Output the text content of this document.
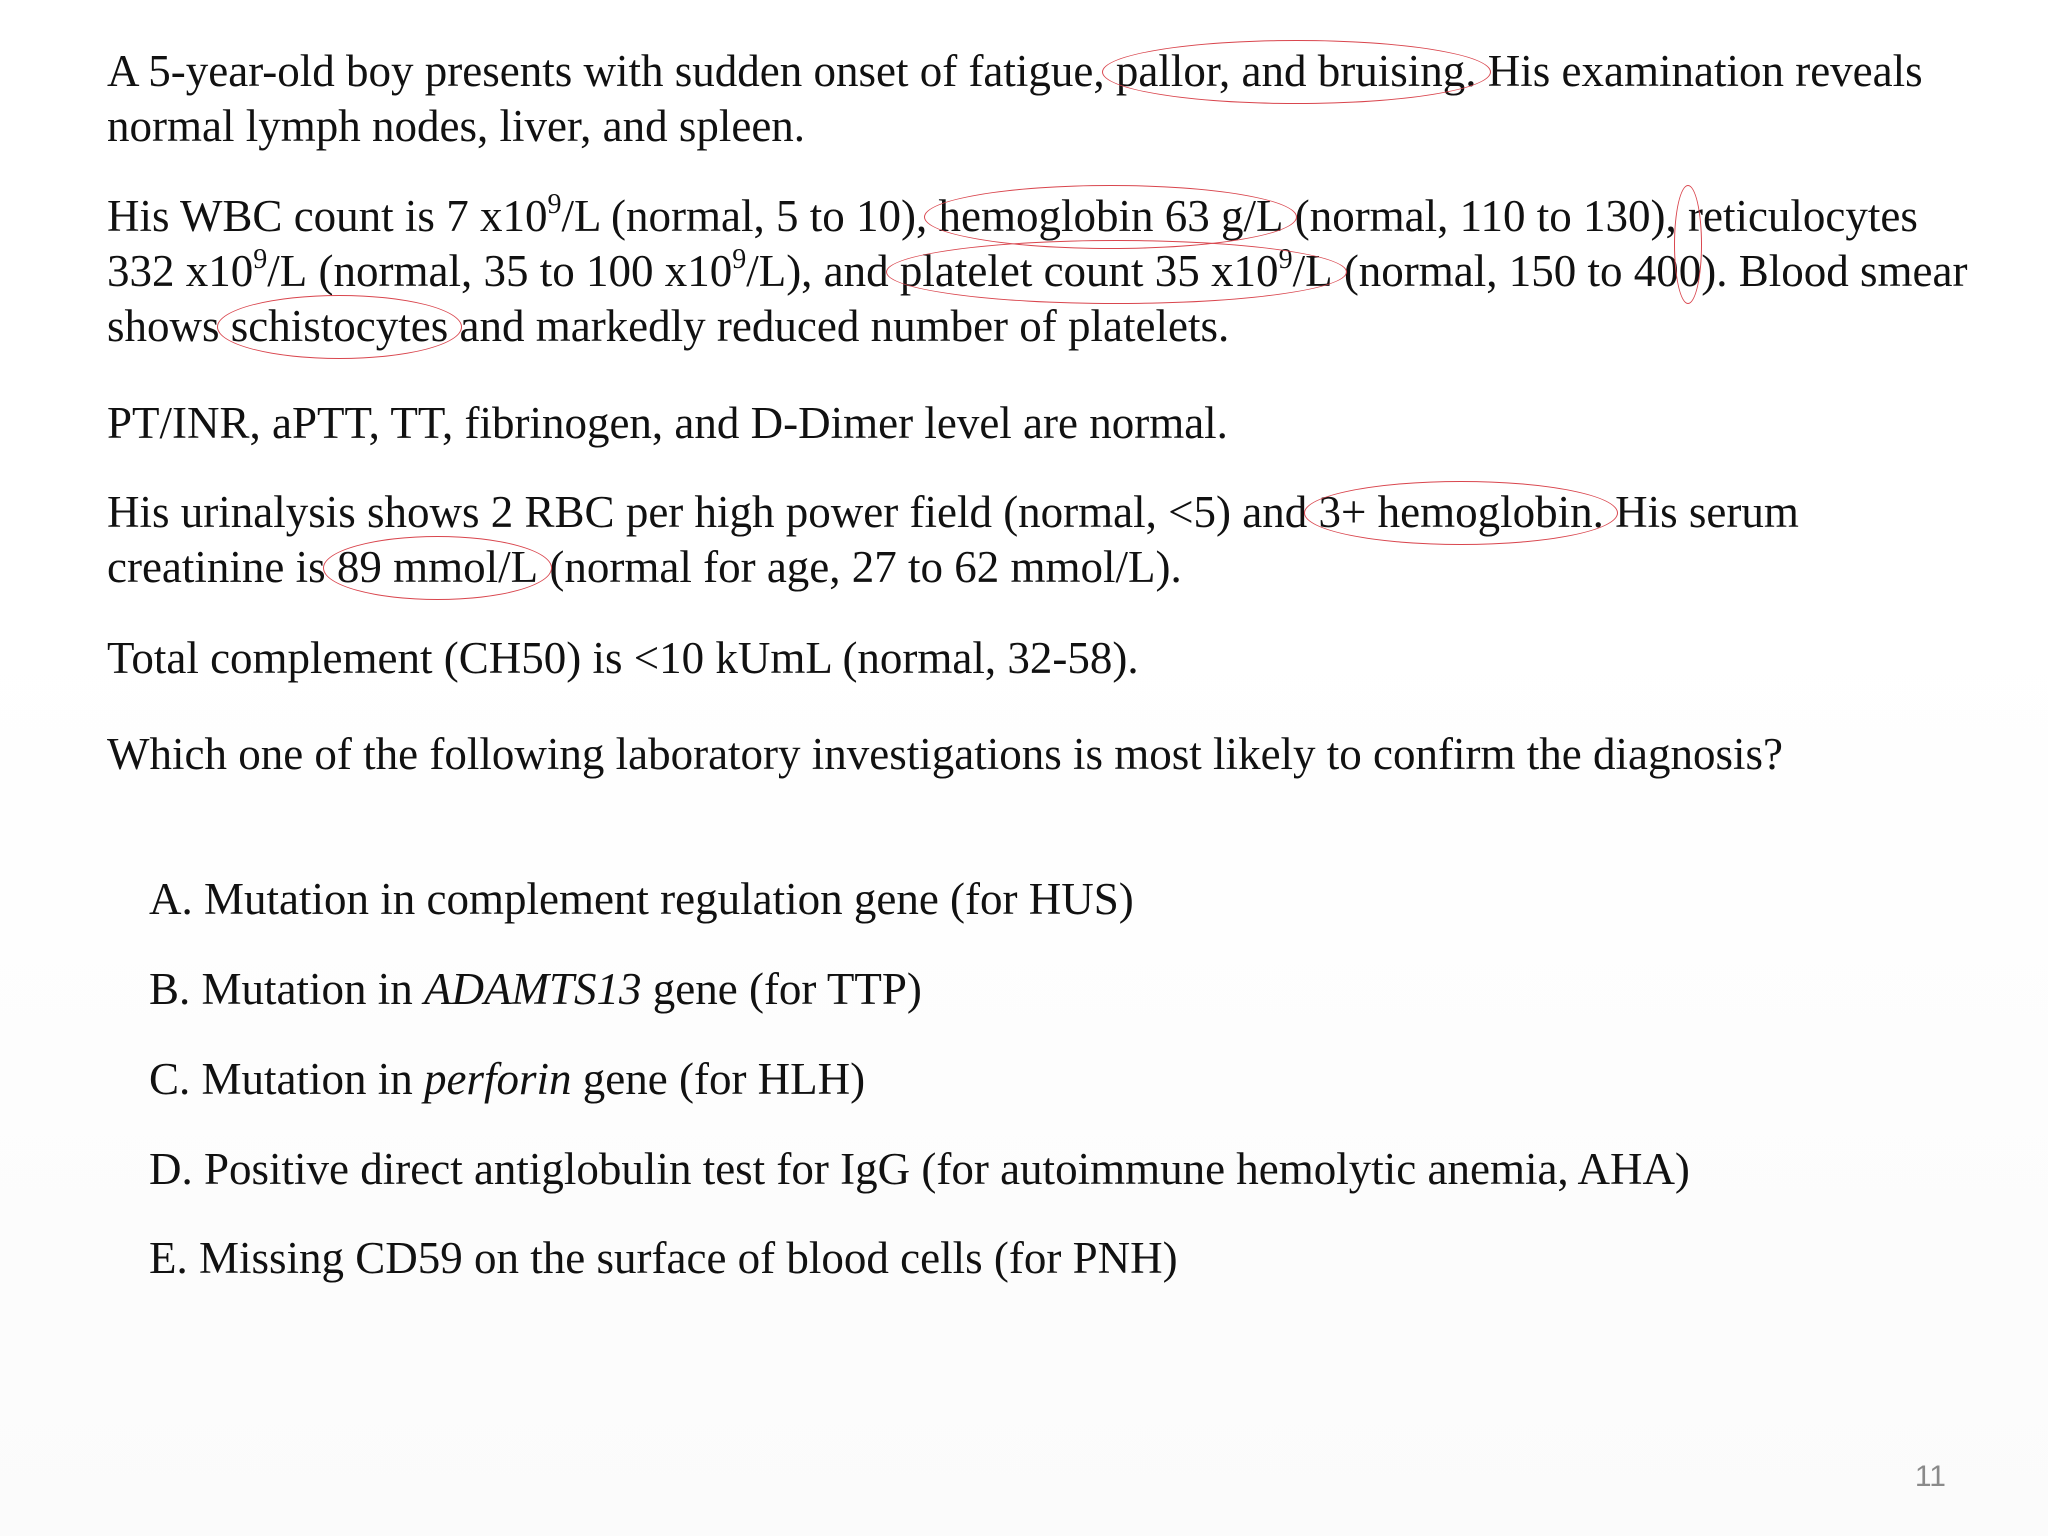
A 5-year-old boy presents with sudden onset of fatigue, pallor, and bruising. His examination reveals normal lymph nodes, liver, and spleen.

His WBC count is 7 $x10^9/L$ (normal, 5 to 10), hemoglobin 63 g/L (normal, 110 to 130), reticulocytes 332 $x10^9/L$ (normal, 35 to 100 $x10^9/L$), and platelet count 35 $x10^9/L$ (normal, 150 to 400). Blood smear shows schistocytes and markedly reduced number of platelets.

PT/INR, aPTT, TT, fibrinogen, and D-Dimer level are normal.

His urinalysis shows 2 RBC per high power field (normal, <5) and 3+ hemoglobin. His serum creatinine is 89 mmol/L (normal for age, 27 to 62 mmol/L).

Total complement (CH50) is <10 kUmL (normal, 32-58).

Which one of the following laboratory investigations is most likely to confirm the diagnosis?

A. Mutation in complement regulation gene (for HUS)
B. Mutation in ADAMTS13 gene (for TTP)
C. Mutation in perforin gene (for HLH)
D. Positive direct antiglobulin test for IgG (for autoimmune hemolytic anemia, AHA)
E. Missing CD59 on the surface of blood cells (for PNH)
11
